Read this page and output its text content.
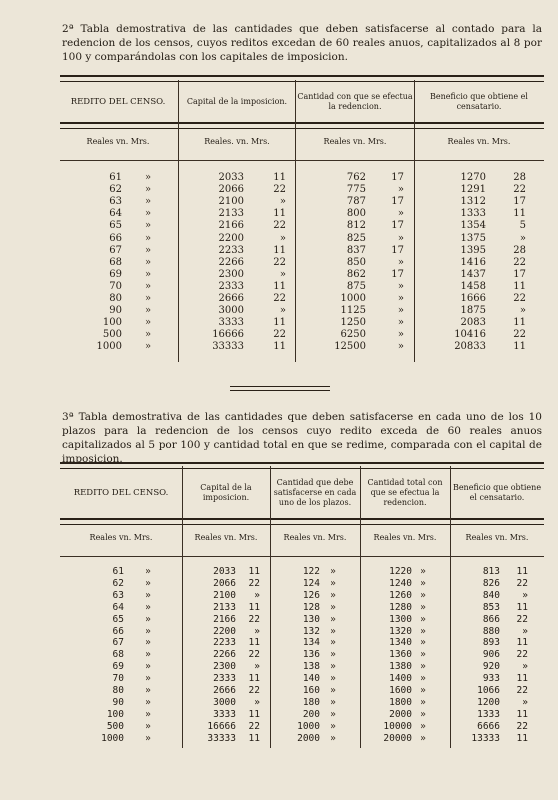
2ª Tabla demostrativa de las cantidades que deben satisfacerse al contado para la redencion de los censos, cuyos reditos excedan de 60 reales anuos, capitalizados al 8 por 100 y comparándolas con los capitales de imposicion.

REDITO DEL CENSO.	Capital de la imposicion.
Cantidad con que se efectua la redencion.
Beneficio que obtiene el censatario.
Reales vn. Mrs.	Reales. vn. Mrs.	Reales vn. Mrs.	Reales vn. Mrs.
61	»	2033	11	762	17	1270	28
62	»	2066	22	775	»	1291	22
63	»	2100	»	787	17	1312	17
64	»	2133	11	800	»	1333	11
65	»	2166	22	812	17	1354	5
66	»	2200	»	825	»	1375	»
67	»	2233	11	837	17	1395	28
68	»	2266	22	850	»	1416	22
69	»	2300	»	862	17	1437	17
70	»	2333	11	875	»	1458	11
80	»	2666	22	1000	»	1666	22
90	»	3000	»	1125	»	1875	»
100	»	3333	11	1250	»	2083	11
500	»	16666	22	6250	»	10416	22
1000	»	33333	11	12500	»	20833	11

3ª Tabla demostrativa de las cantidades que deben satisfacerse en cada uno de los 10 plazos para la redencion de los censos cuyo redito exceda de 60 reales anuos capitalizados al 5 por 100 y cantidad total en que se redime, comparada con el capital de imposicion.

REDITO DEL CENSO.
Capital de la imposicion.
Cantidad que debe satisfacerse en cada uno de los plazos.
Cantidad total con que se efectua la redencion.
Beneficio que obtiene el censatario.
Reales vn. Mrs.	Reales vn. Mrs.	Reales vn. Mrs.	Reales vn. Mrs.	Reales vn. Mrs.
61	»	2033	11	122	»	1220 »	813	11
62	»	2066	22	124	»	1240 »	826	22
63	»	2100	»	126	»	1260 »	840	»
64	»	2133	11	128	»	1280 »	853	11
65	»	2166	22	130	»	1300 »	866	22
66	»	2200	»	132	»	1320 »	880	»
67	»	2233	11	134	»	1340 »	893	11
68	»	2266	22	136	»	1360 »	906	22
69	»	2300	»	138	»	1380 »	920	»
70	»	2333	11	140	»	1400 »	933	11
80	»	2666	22	160	»	1600 »	1066	22
90	»	3000	»	180	»	1800 »	1200	»
100	»	3333	11	200	»	2000 »	1333	11
500	»	16666	22	1000	»	10000 »	6666	22
1000	»	33333	11	2000	»	20000 »	13333	11
